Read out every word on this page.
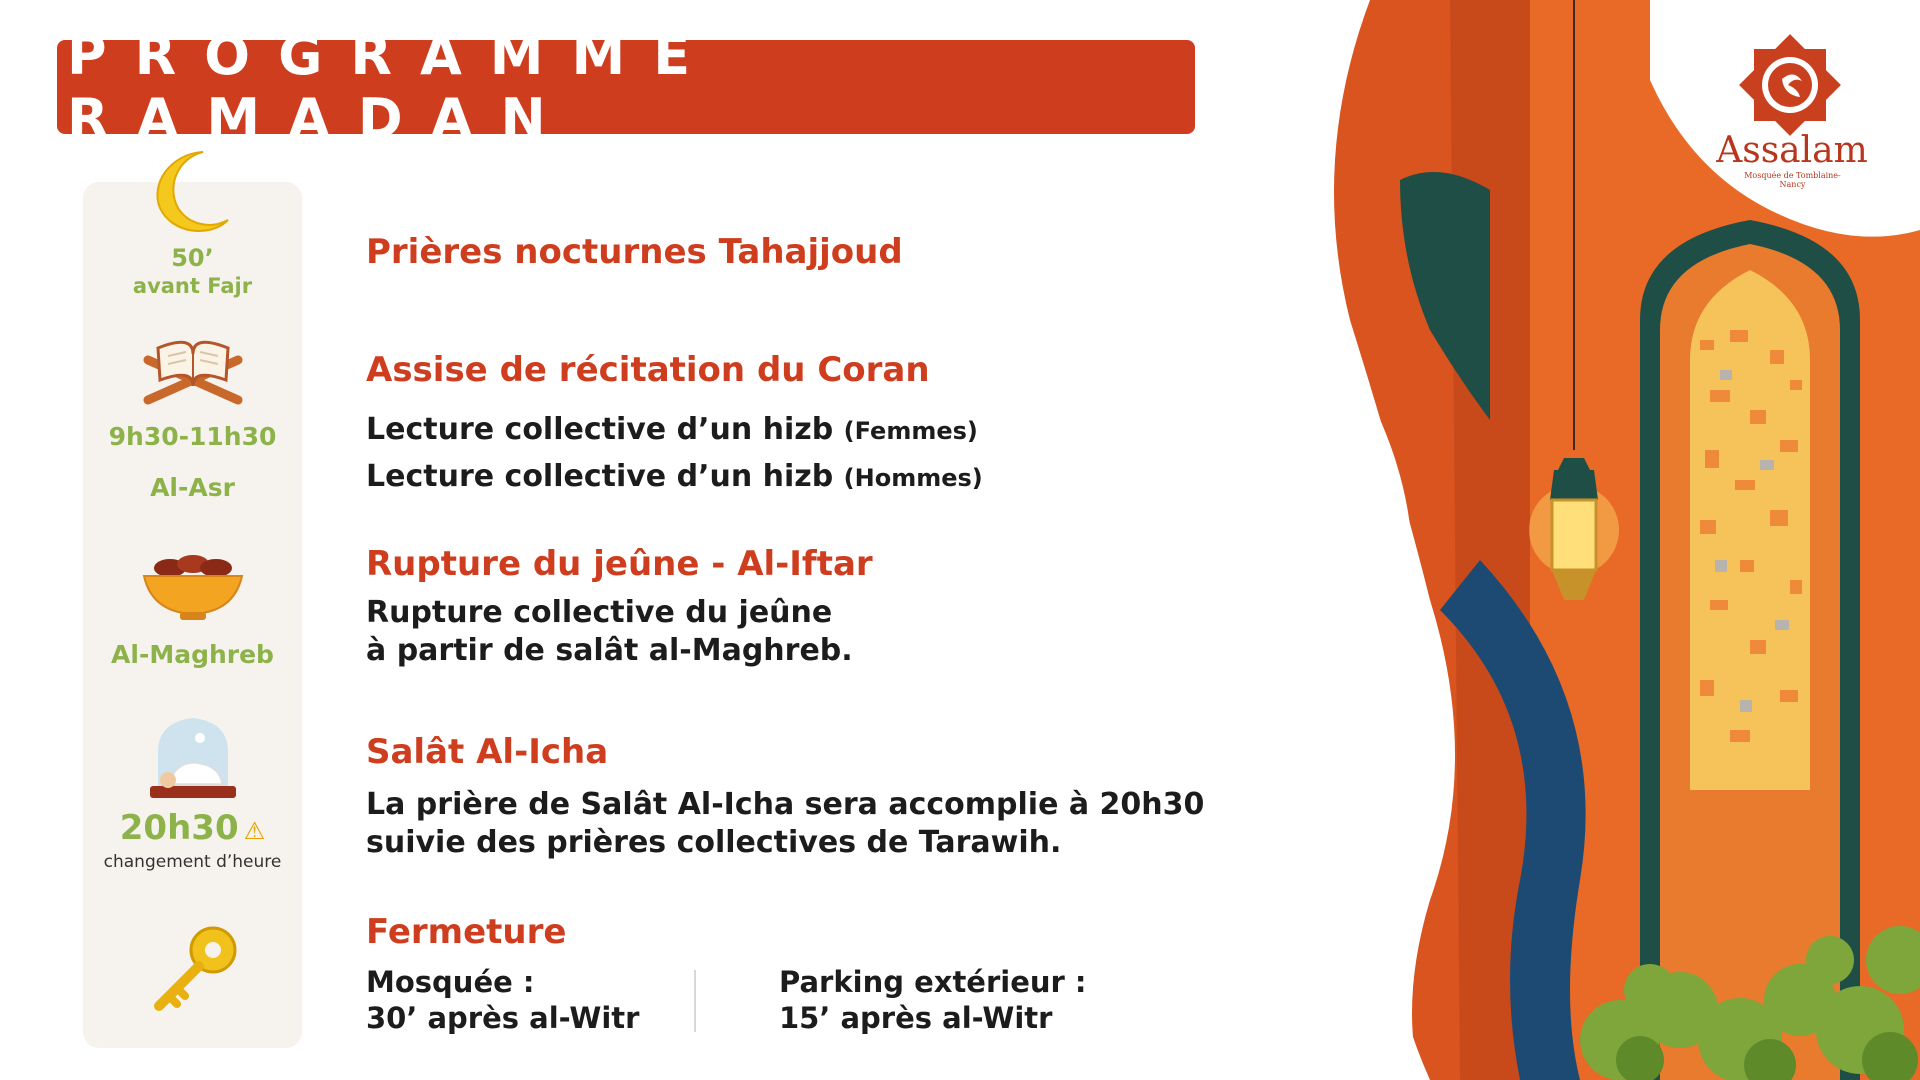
PROGRAMME RAMADAN
50’
avant Fajr
9h30-11h30
Al-Asr
Al-Maghreb
20h30 ⚠
changement d’heure
Prières nocturnes Tahajjoud
Assise de récitation du Coran
Lecture collective d’un hizb (Femmes)
Lecture collective d’un hizb (Hommes)
Rupture du jeûne - Al-Iftar
Rupture collective du jeûne
à partir de salât al-Maghreb.
Salât Al-Icha
La prière de Salât Al-Icha sera accomplie à 20h30
suivie des prières collectives de Tarawih.
Fermeture
Mosquée :
30’ après al-Witr
Parking extérieur :
15’ après al-Witr
Assalam
Mosquée de Tomblaine-Nancy
